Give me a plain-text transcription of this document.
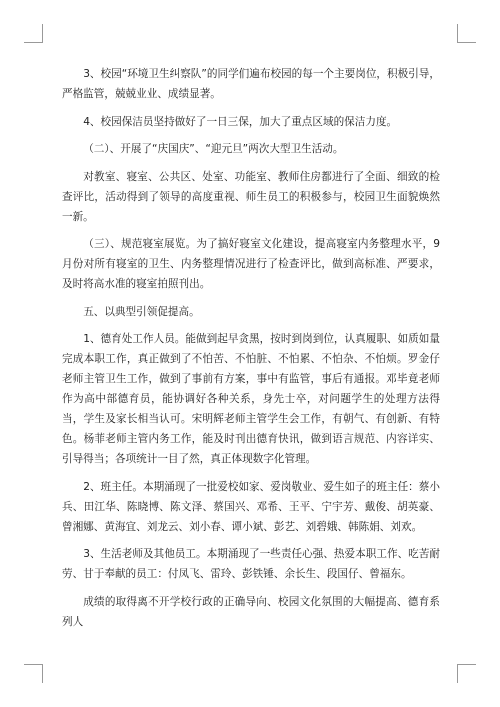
3、校园“环境卫生纠察队”的同学们遍布校园的每一个主要岗位，积极引导，严格监管，兢兢业业、成绩显著。

4、校园保洁员坚持做好了一日三保，加大了重点区域的保洁力度。

（二）、开展了“庆国庆”、“迎元旦”两次大型卫生活动。

对教室、寝室、公共区、处室、功能室、教师住房都进行了全面、细致的检查评比，活动得到了领导的高度重视、师生员工的积极参与，校园卫生面貌焕然一新。

（三）、规范寝室展览。为了搞好寝室文化建设，提高寝室内务整理水平，9月份对所有寝室的卫生、内务整理情况进行了检查评比，做到高标准、严要求，及时将高水准的寝室拍照刊出。

五、以典型引领促提高。

1、德育处工作人员。能做到起早贪黑，按时到岗到位，认真履职、如质如量完成本职工作，真正做到了不怕苦、不怕脏、不怕累、不怕杂、不怕烦。罗金仔老师主管卫生工作，做到了事前有方案，事中有监管，事后有通报。邓毕竟老师作为高中部德育员，能协调好各种关系，身先士卒，对问题学生的处理方法得当，学生及家长相当认可。宋明辉老师主管学生会工作，有朝气、有创新、有特色。杨菲老师主管内务工作，能及时刊出德育快讯，做到语言规范、内容详实、引导得当；各项统计一目了然，真正体现数字化管理。

2、班主任。本期涌现了一批爱校如家、爱岗敬业、爱生如子的班主任：蔡小兵、田江华、陈晓博、陈文泽、蔡国兴、邓希、王平、宁宇芳、戴俊、胡英豪、曾湘娜、黄海宜、刘龙云、刘小春、谭小斌、彭艺、刘碧娥、韩陈娟、刘欢。

3、生活老师及其他员工。本期涌现了一些责任心强、热爱本职工作、吃苦耐劳、甘于奉献的员工：付凤飞、雷玲、彭铁锤、余长生、段国仔、曾福东。

成绩的取得离不开学校行政的正确导向、校园文化氛围的大幅提高、德育系列人
